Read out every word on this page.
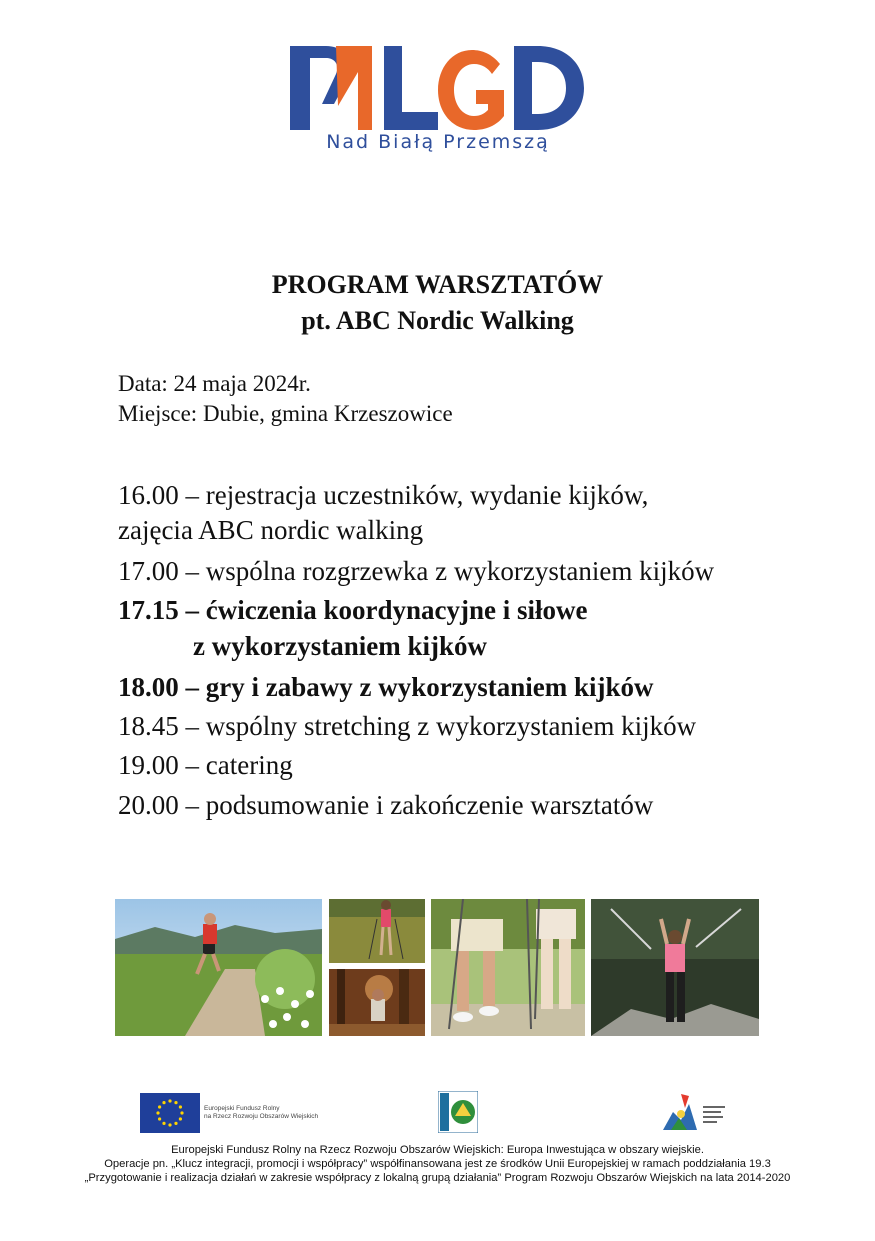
Nad Białą Przemszą
PROGRAM WARSZTATÓW
pt. ABC Nordic Walking
Data: 24 maja 2024r.
Miejsce: Dubie, gmina Krzeszowice
16.00 – rejestracja uczestników, wydanie kijków,
zajęcia ABC nordic walking
17.00 – wspólna rozgrzewka z wykorzystaniem kijków
17.15 – ćwiczenia koordynacyjne i siłowe
z wykorzystaniem kijków
18.00 – gry i zabawy z wykorzystaniem kijków
18.45 – wspólny stretching z wykorzystaniem kijków
19.00 – catering
20.00 – podsumowanie i zakończenie warsztatów
Europejski Fundusz Rolny
na Rzecz Rozwoju Obszarów Wiejskich
Europejski Fundusz Rolny na Rzecz Rozwoju Obszarów Wiejskich: Europa Inwestująca w obszary wiejskie.
Operacje pn. „Klucz integracji, promocji i współpracy” współfinansowana jest ze środków Unii Europejskiej w ramach poddziałania 19.3
„Przygotowanie i realizacja działań w zakresie współpracy z lokalną grupą działania” Program Rozwoju Obszarów Wiejskich na lata 2014-2020
